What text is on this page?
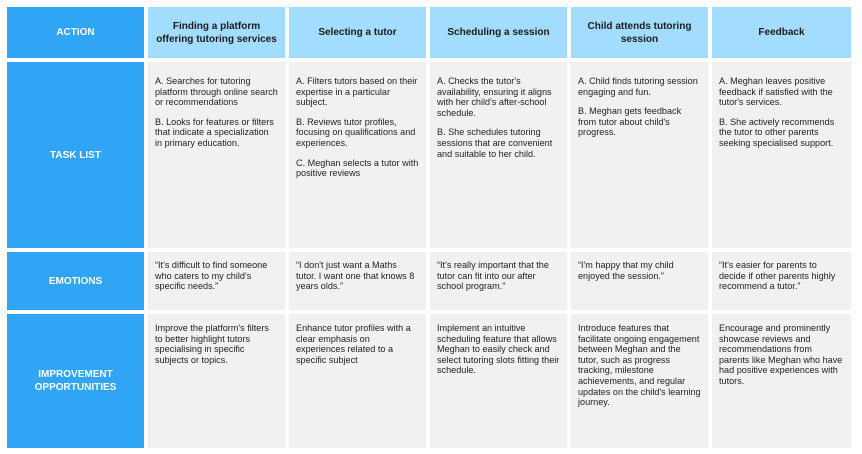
ACTION
Finding a platform offering tutoring services
Selecting a tutor	Scheduling a session
Child attends tutoring session
Feedback
TASK LIST

A. Searches for tutoring platform through online search or recommendations

B. Looks for features or filters that indicate a specialization in primary education.

A. Filters tutors based on their expertise in a particular subject.

B. Reviews tutor profiles, focusing on qualifications and experiences.

C. Meghan selects a tutor with positive reviews

A. Checks the tutor's availability, ensuring it aligns with her child's after-school schedule.

B. She schedules tutoring sessions that are convenient and suitable to her child.

A. Child finds tutoring session engaging and fun.

B. Meghan gets feedback from tutor about child's progress.

A. Meghan leaves positive feedback if satisfied with the tutor's services.

B. She actively recommends the tutor to other parents seeking specialised support.

EMOTIONS
“It's difficult to find someone who caters to my child's specific needs.”
“I don't just want a Maths tutor. I want one that knows 8 years olds.”
“It's really important that the tutor can fit into our after school program.”
“I'm happy that my child enjoyed the session.”
“It's easier for parents to decide if other parents highly recommend a tutor.”
IMPROVEMENT OPPORTUNITIES
Improve the platform's filters to better highlight tutors specialising in specific subjects or topics.
Enhance tutor profiles with a clear emphasis on experiences related to a specific subject
Implement an intuitive scheduling feature that allows Meghan to easily check and select tutoring slots fitting their schedule.
Introduce features that facilitate ongoing engagement between Meghan and the tutor, such as progress tracking, milestone achievements, and regular updates on the child's learning journey.
Encourage and prominently showcase reviews and recommendations from parents like Meghan who have had positive experiences with tutors.
